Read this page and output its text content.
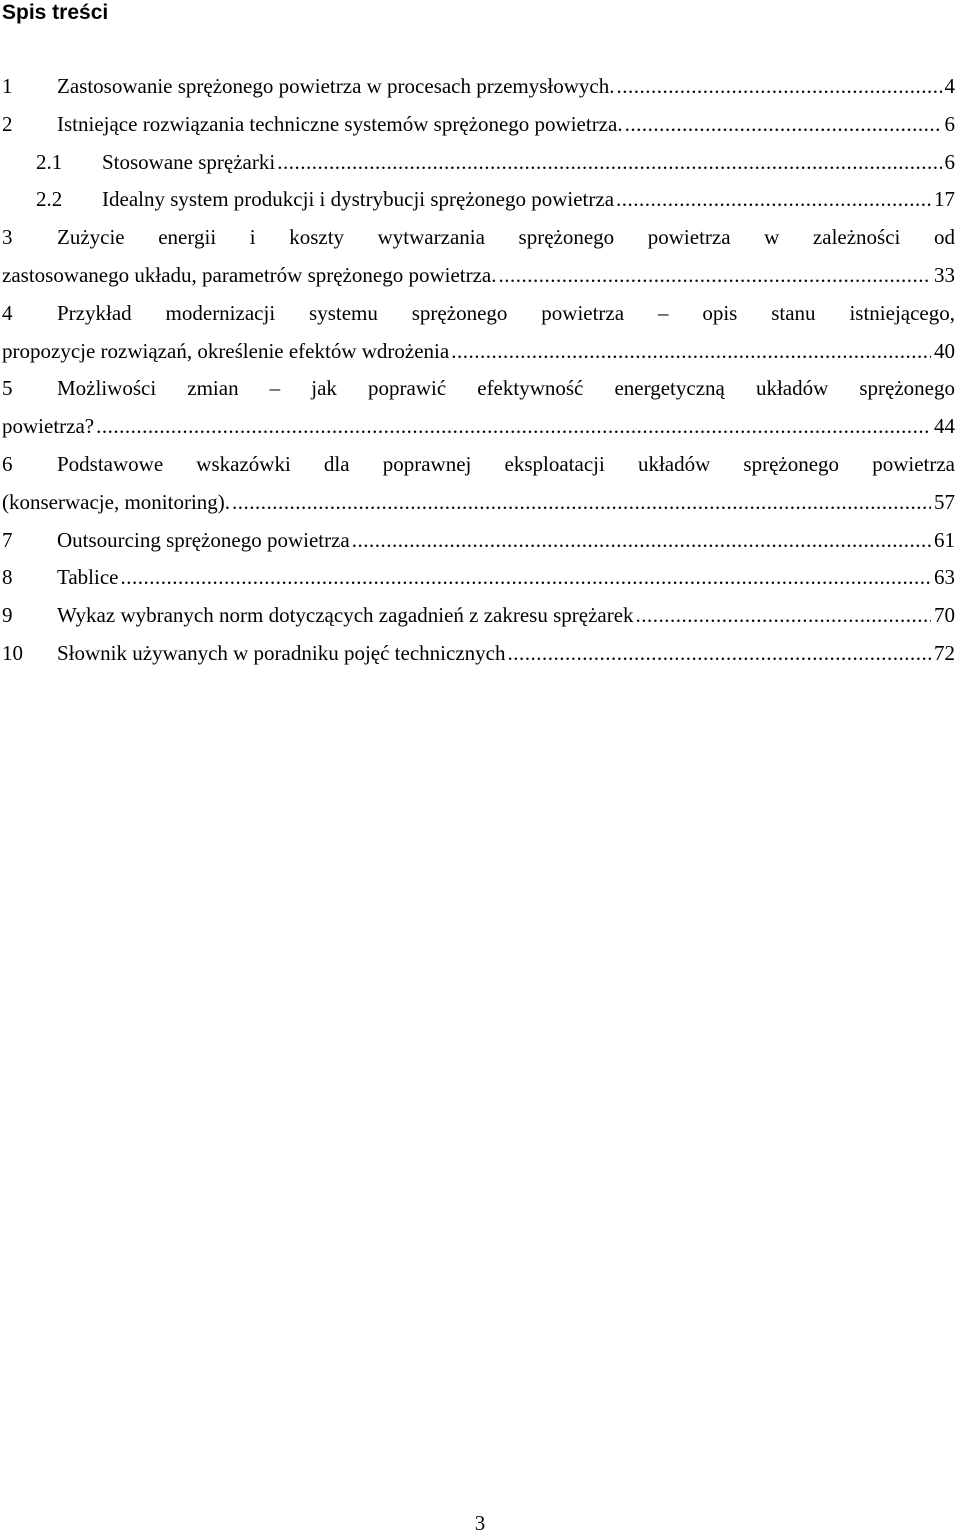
Spis treści
1 Zastosowanie sprężonego powietrza w procesach przemysłowych. .....	4
2 Istniejące rozwiązania techniczne systemów sprężonego powietrza. .....	6
2.1 Stosowane sprężarki .....	6
2.2 Idealny system produkcji i dystrybucji sprężonego powietrza .....	17
3 Zużycie energii i koszty wytwarzania sprężonego powietrza w zależności od
zastosowanego układu, parametrów sprężonego powietrza. .....	33
4 Przykład modernizacji systemu sprężonego powietrza – opis stanu istniejącego,
propozycje rozwiązań, określenie efektów wdrożenia .....	40
5 Możliwości zmian – jak poprawić efektywność energetyczną układów sprężonego
powietrza? .....	44
6 Podstawowe wskazówki dla poprawnej eksploatacji układów sprężonego powietrza
(konserwacje, monitoring). .....	57
7 Outsourcing sprężonego powietrza .....	61
8 Tablice .....	63
9 Wykaz wybranych norm dotyczących zagadnień z zakresu sprężarek .....	70
10 Słownik używanych w poradniku pojęć technicznych .....	72
3
